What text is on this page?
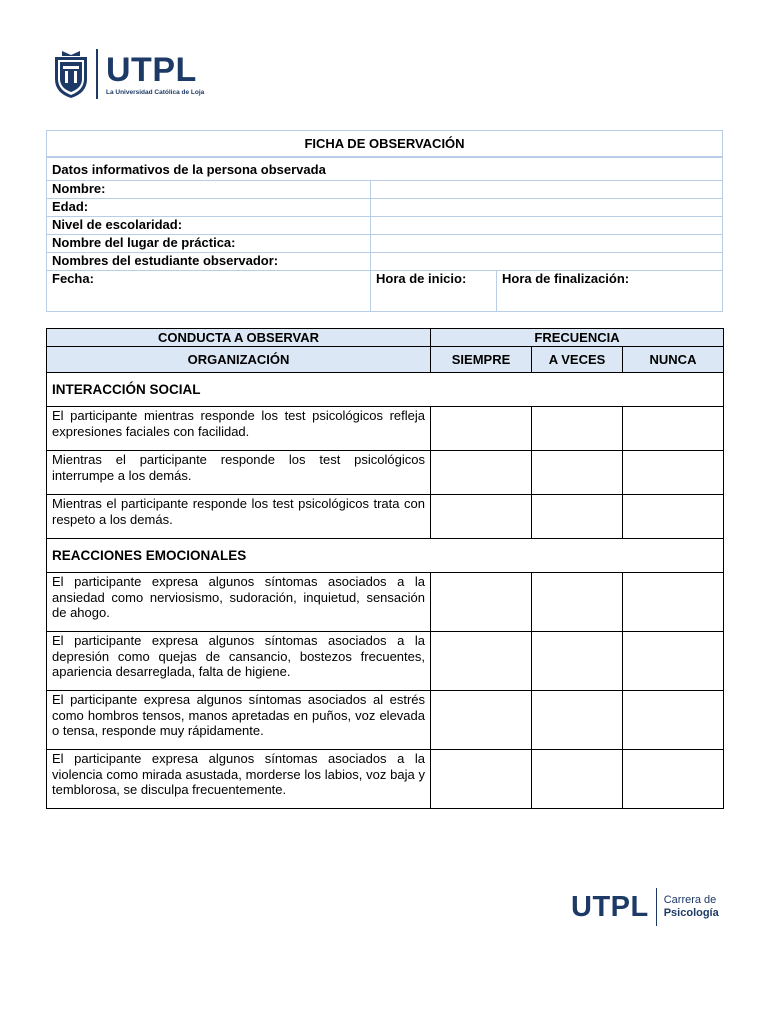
UTPL
La Universidad Católica de Loja
FICHA DE OBSERVACIÓN		
Datos informativos de la persona observada		
Nombre:		
Edad:		
Nivel de escolaridad:		
Nombre del lugar de práctica:		
Nombres del estudiante observador:		
Fecha:	Hora de inicio:	Hora de finalización:
CONDUCTA A OBSERVAR	FRECUENCIA		
ORGANIZACIÓN	SIEMPRE	A VECES	NUNCA
INTERACCIÓN SOCIAL			
El participante mientras responde los test psicológicos refleja expresiones faciales con facilidad.			
Mientras el participante responde los test psicológicos interrumpe a los demás.			
Mientras el participante responde los test psicológicos trata con respeto a los demás.			
REACCIONES EMOCIONALES			
El participante expresa algunos síntomas asociados a la ansiedad como nerviosismo, sudoración, inquietud, sensación de ahogo.			
El participante expresa algunos síntomas asociados a la depresión como quejas de cansancio, bostezos frecuentes, apariencia desarreglada, falta de higiene.			
El participante expresa algunos síntomas asociados al estrés como hombros tensos, manos apretadas en puños, voz elevada o tensa, responde muy rápidamente.			
El participante expresa algunos síntomas asociados a la violencia como mirada asustada, morderse los labios, voz baja y temblorosa, se disculpa frecuentemente.			
UTPL Carrera de
Psicología
